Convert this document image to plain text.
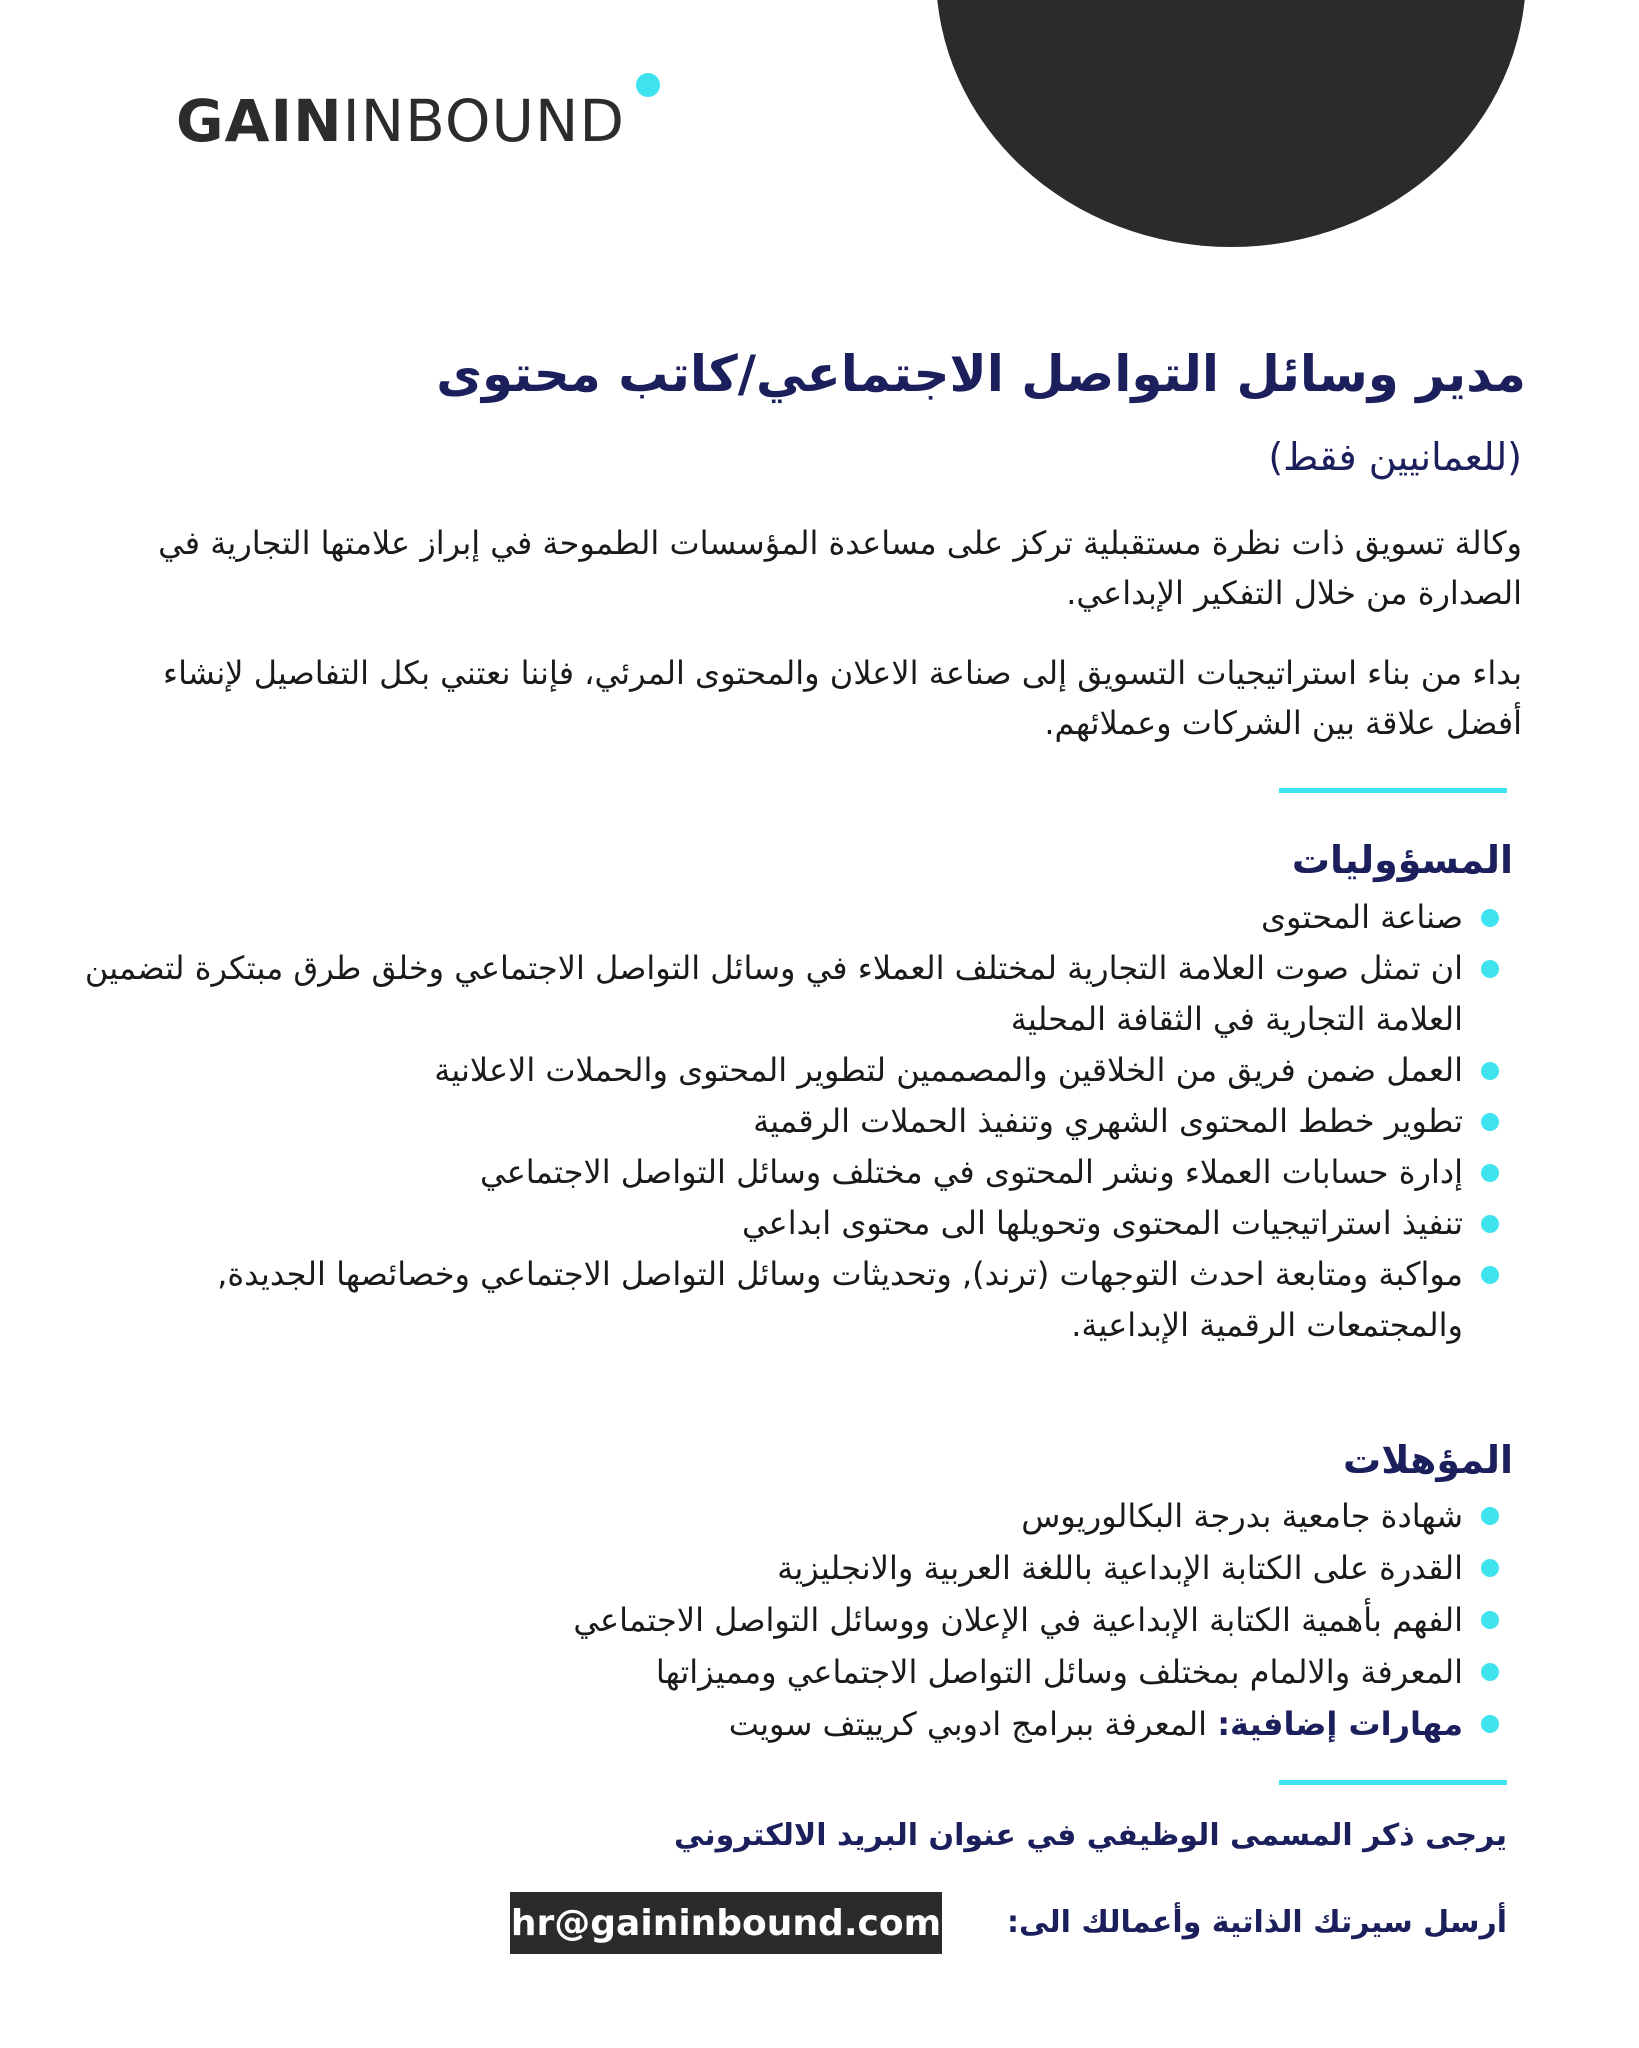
GAININBOUND
مدير وسائل التواصل الاجتماعي/كاتب محتوى
(للعمانيين فقط)

وكالة تسويق ذات نظرة مستقبلية تركز على مساعدة المؤسسات الطموحة في إبراز علامتها التجارية في الصدارة من خلال التفكير الإبداعي.

بداء من بناء استراتيجيات التسويق إلى صناعة الاعلان والمحتوى المرئي، فإننا نعتني بكل التفاصيل لإنشاء أفضل علاقة بين الشركات وعملائهم.

المسؤوليات
صناعة المحتوى
ان تمثل صوت العلامة التجارية لمختلف العملاء في وسائل التواصل الاجتماعي وخلق طرق مبتكرة لتضمين العلامة التجارية في الثقافة المحلية
العمل ضمن فريق من الخلاقين والمصممين لتطوير المحتوى والحملات الاعلانية
تطوير خطط المحتوى الشهري وتنفيذ الحملات الرقمية
إدارة حسابات العملاء ونشر المحتوى في مختلف وسائل التواصل الاجتماعي
تنفيذ استراتيجيات المحتوى وتحويلها الى محتوى ابداعي
مواكبة ومتابعة احدث التوجهات (ترند), وتحديثات وسائل التواصل الاجتماعي وخصائصها الجديدة, والمجتمعات الرقمية الإبداعية.
المؤهلات
شهادة جامعية بدرجة البكالوريوس
القدرة على الكتابة الإبداعية باللغة العربية والانجليزية
الفهم بأهمية الكتابة الإبداعية في الإعلان ووسائل التواصل الاجتماعي
المعرفة والالمام بمختلف وسائل التواصل الاجتماعي ومميزاتها
مهارات إضافية: المعرفة ببرامج ادوبي كرييتف سويت
يرجى ذكر المسمى الوظيفي في عنوان البريد الالكتروني
أرسل سيرتك الذاتية وأعمالك الى:
hr@gaininbound.com
